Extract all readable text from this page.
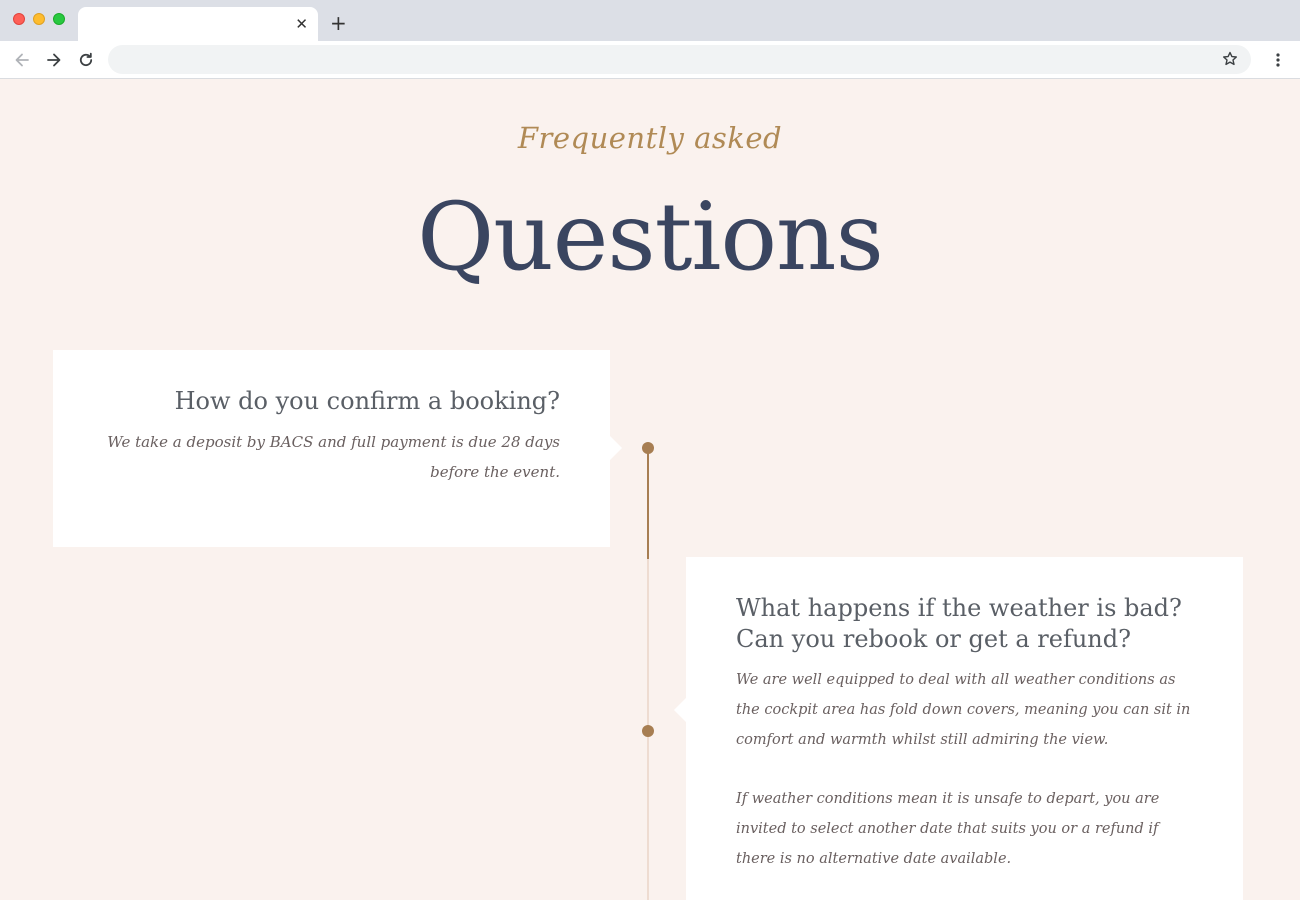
✕ +
Frequently asked
Questions
How do you confirm a booking?
We take a deposit by BACS and full payment is due 28 days before the event.
What happens if the weather is bad?
Can you rebook or get a refund?
We are well equipped to deal with all weather conditions as the cockpit area has fold down covers, meaning you can sit in comfort and warmth whilst still admiring the view.
If weather conditions mean it is unsafe to depart, you are invited to select another date that suits you or a refund if there is no alternative date available.
